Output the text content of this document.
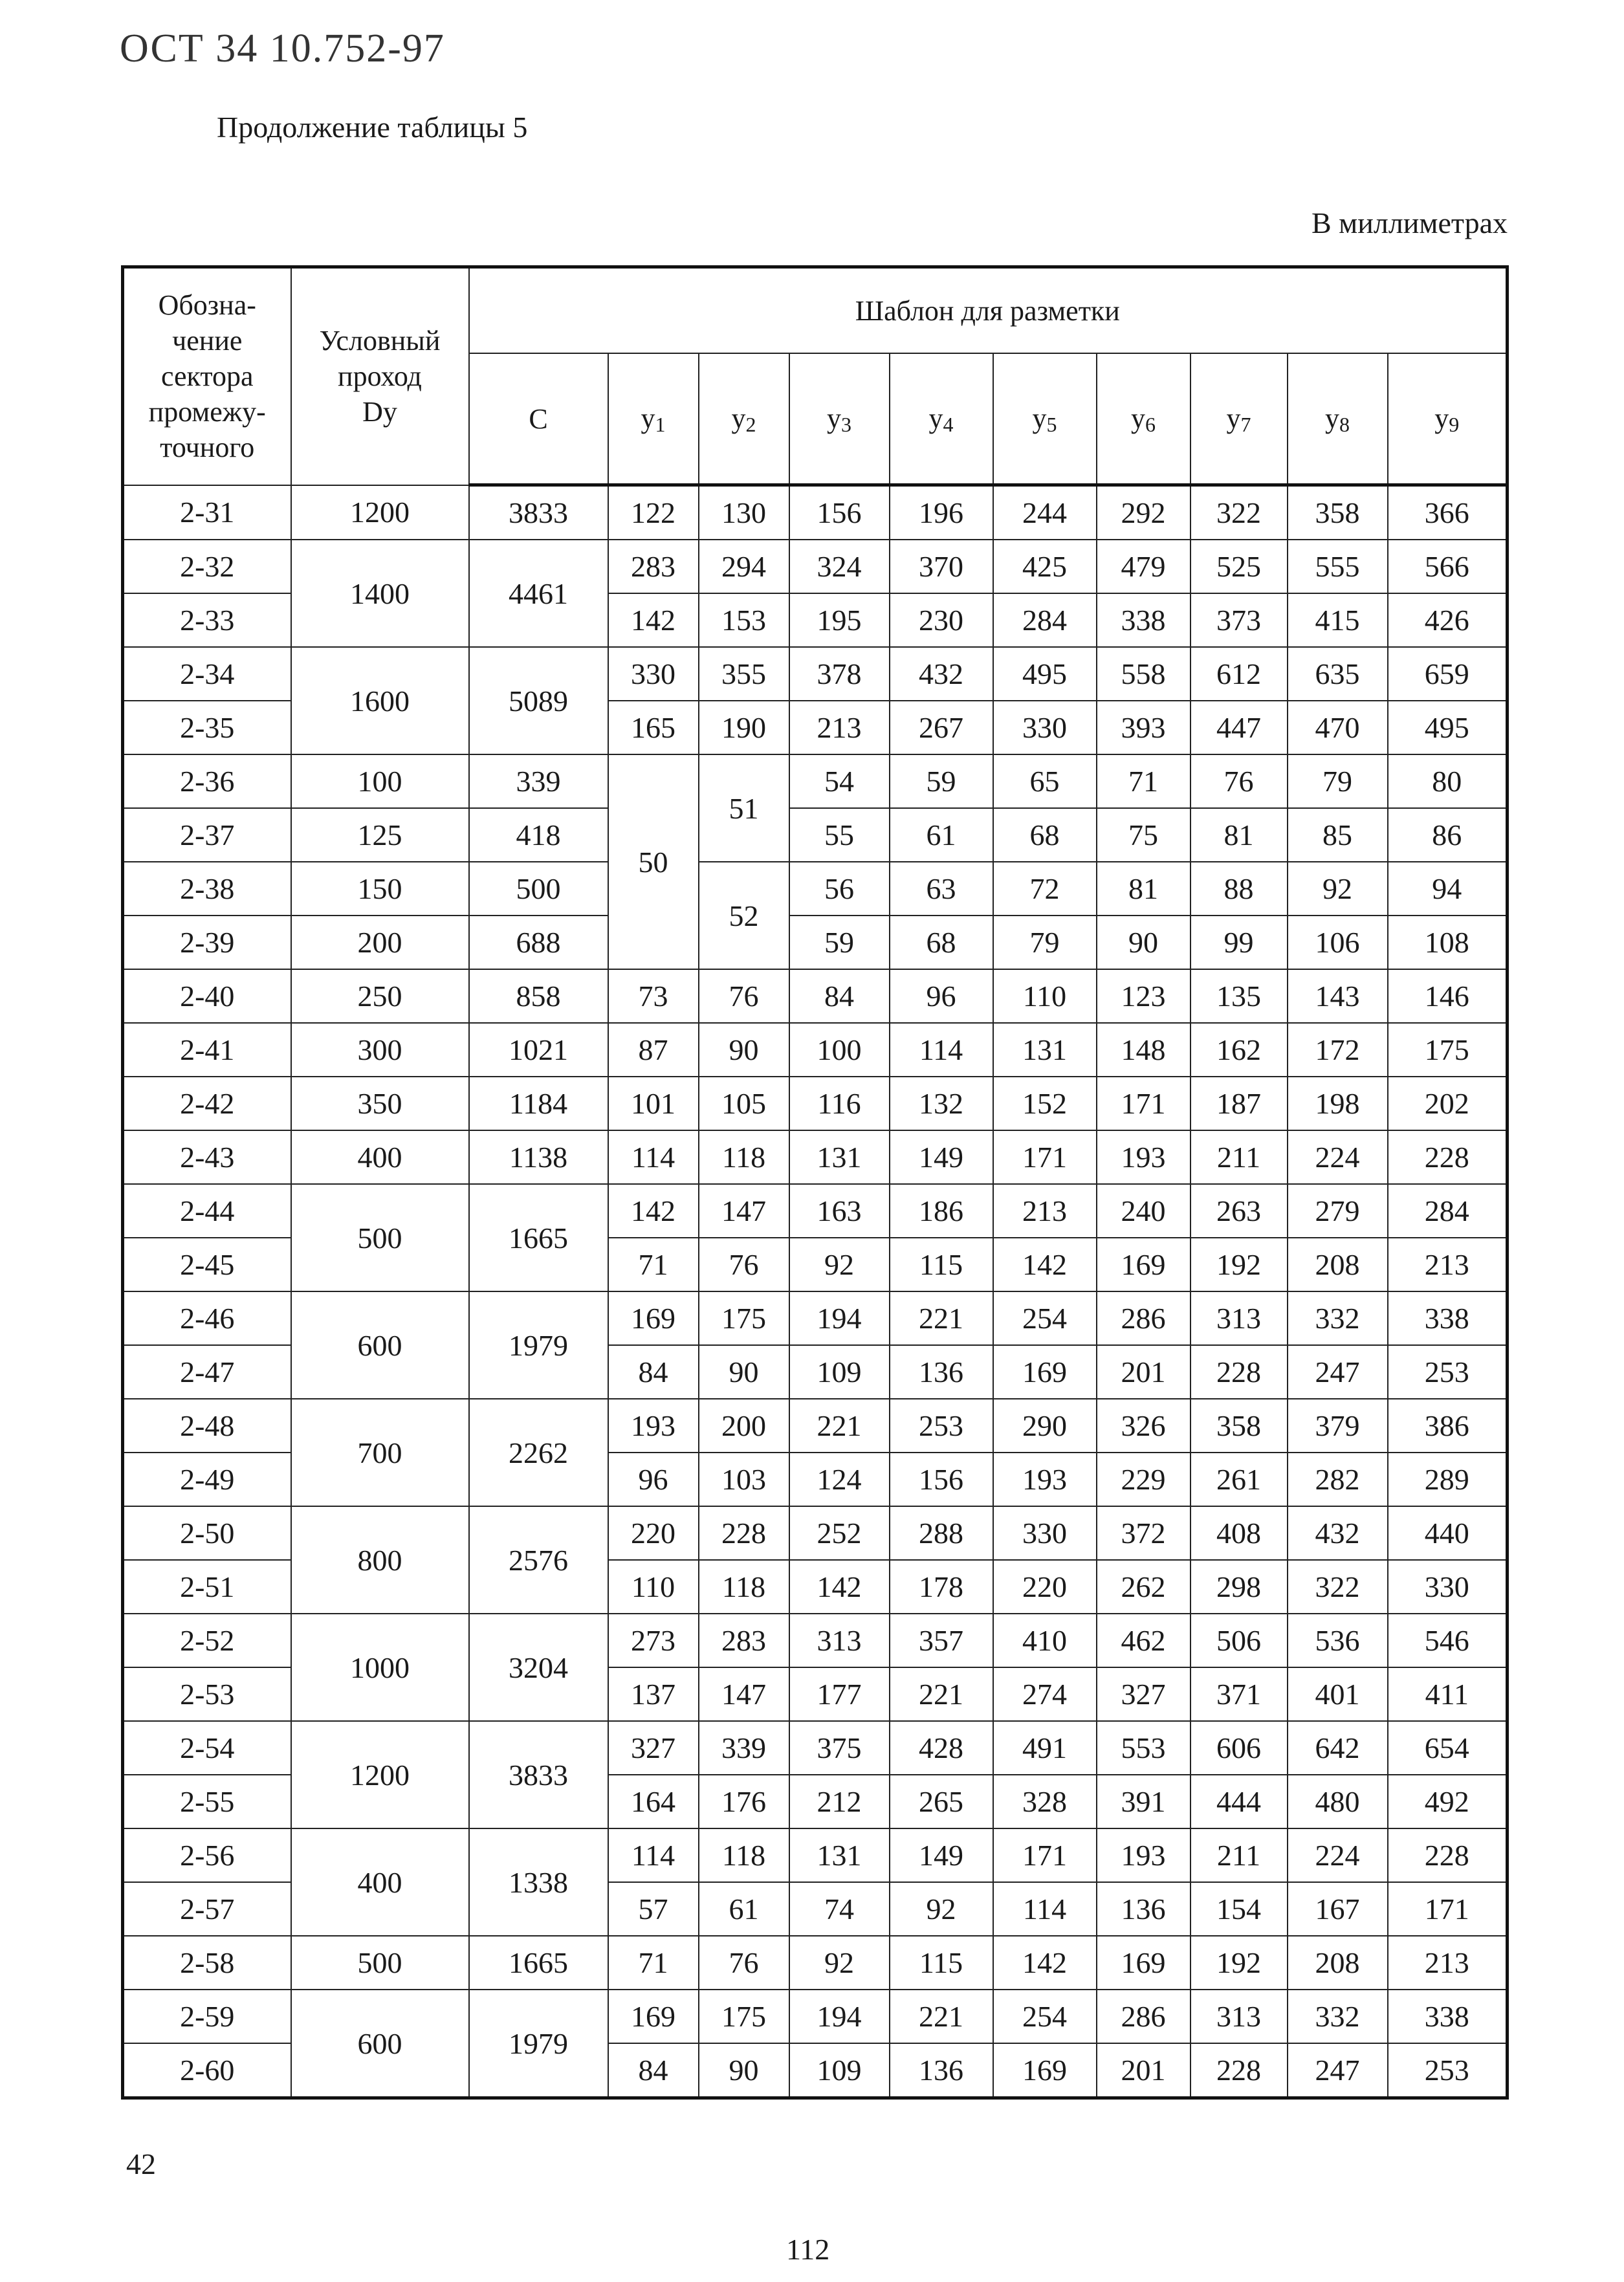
ОСТ 34 10.752-97
Продолжение таблицы 5
В миллиметрах
Обозна-
чение
сектора
промежу-
точного	Условный
проход
Dy	Шаблон для разметки									
		C	y1	y2	y3	y4	y5	y6	y7	y8	y9
2-31	1200	3833	122	130	156	196	244	292	322	358	366
2-32	1400	4461	283	294	324	370	425	479	525	555	566
2-33			142	153	195	230	284	338	373	415	426
2-34	1600	5089	330	355	378	432	495	558	612	635	659
2-35			165	190	213	267	330	393	447	470	495
2-36	100	339	50	51	54	59	65	71	76	79	80
2-37	125	418			55	61	68	75	81	85	86
2-38	150	500		52	56	63	72	81	88	92	94
2-39	200	688			59	68	79	90	99	106	108
2-40	250	858	73	76	84	96	110	123	135	143	146
2-41	300	1021	87	90	100	114	131	148	162	172	175
2-42	350	1184	101	105	116	132	152	171	187	198	202
2-43	400	1138	114	118	131	149	171	193	211	224	228
2-44	500	1665	142	147	163	186	213	240	263	279	284
2-45			71	76	92	115	142	169	192	208	213
2-46	600	1979	169	175	194	221	254	286	313	332	338
2-47			84	90	109	136	169	201	228	247	253
2-48	700	2262	193	200	221	253	290	326	358	379	386
2-49			96	103	124	156	193	229	261	282	289
2-50	800	2576	220	228	252	288	330	372	408	432	440
2-51			110	118	142	178	220	262	298	322	330
2-52	1000	3204	273	283	313	357	410	462	506	536	546
2-53			137	147	177	221	274	327	371	401	411
2-54	1200	3833	327	339	375	428	491	553	606	642	654
2-55			164	176	212	265	328	391	444	480	492
2-56	400	1338	114	118	131	149	171	193	211	224	228
2-57			57	61	74	92	114	136	154	167	171
2-58	500	1665	71	76	92	115	142	169	192	208	213
2-59	600	1979	169	175	194	221	254	286	313	332	338
2-60			84	90	109	136	169	201	228	247	253
42
112
